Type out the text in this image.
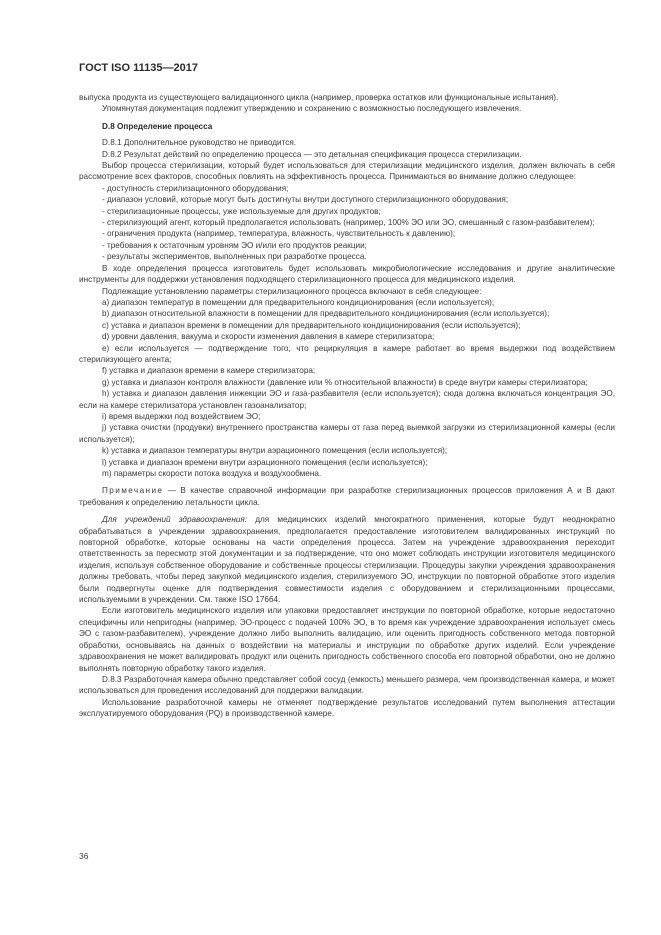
ГОСТ ISO 11135—2017

выпуска продукта из существующего валидационного цикла (например, проверка остатков или функциональные испытания).

Упомянутая документация подлежит утверждению и сохранению с возможностью последующего извлечения.

D.8 Определение процесса

D.8.1 Дополнительное руководство не приводится.

D.8.2 Результат действий по определению процесса — это детальная спецификация процесса стерилизации.

Выбор процесса стерилизации, который будет использоваться для стерилизации медицинского изделия, должен включать в себя рассмотрение всех факторов, способных повлиять на эффективность процесса. Принимаються во внимание должно следующее:

- доступность стерилизационного оборудования;

- диапазон условий, которые могут быть достигнуты внутри доступного стерилизационного оборудования;

- стерилизационные процессы, уже используемые для других продуктов;

- стерилизующий агент, который предполагается использовать (например, 100% ЭО или ЭО, смешанный с газом-разбавителем);

- ограничения продукта (например, температура, влажность, чувствительность к давлению);

- требования к остаточным уровням ЭО и/или его продуктов реакции;

- результаты экспериментов, выполненных при разработке процесса.

В ходе определения процесса изготовитель будет использовать микробиологические исследования и другие аналитические инструменты для поддержки установления подходящего стерилизационного процесса для медицинского изделия.

Подлежащие установлению параметры стерилизационного процесса включают в себя следующее:

а) диапазон температур в помещении для предварительного кондиционирования (если используется);

b) диапазон относительной влажности в помещении для предварительного кондиционирования (если используется);

c) уставка и диапазон времени в помещении для предварительного кондиционирования (если используется);

d) уровни давления, вакуума и скорости изменения давления в камере стерилизатора;

e) если используется — подтверждение того, что рециркуляция в камере работает во время выдержки под воздействием стерилизующего агента;

f) уставка и диапазон времени в камере стерилизатора;

g) уставка и диапазон контроля влажности (давление или % относительной влажности) в среде внутри камеры стерилизатора;

h) уставка и диапазон давления инжекции ЭО и газа-разбавителя (если используется); сюда должна включаться концентрация ЭО, если на камере стерилизатора установлен газоанализатор;

i) время выдержки под воздействием ЭО;

j) уставка очистки (продувки) внутреннего пространства камеры от газа перед выемкой загрузки из стерилизационной камеры (если используется);

k) уставка и диапазон температуры внутри аэрационного помещения (если используется);

l) уставка и диапазон времени внутри аэрационного помещения (если используется);

m) параметры скорости потока воздуха и воздухообмена.

Примечание — В качестве справочной информации при разработке стерилизационных процессов приложения А и В дают требования к определению летальности цикла.

Для учреждений здравоохранения: для медицинских изделий многократного применения, которые будут неоднократно обрабатываться в учреждении здравоохранения, предполагается предоставление изготовителем валидированных инструкций по повторной обработке, которые основаны на части определения процесса. Затем на учреждение здравоохранения переходит ответственность за пересмотр этой документации и за подтверждение, что оно может соблюдать инструкции изготовителя медицинского изделия, используя собственное оборудование и собственные процессы стерилизации. Процедуры закупки учреждения здравоохранения должны требовать, чтобы перед закупкой медицинского изделия, стерилизуемого ЭО, инструкции по повторной обработке этого изделия были подвергнуты оценке для подтверждения совместимости изделия с оборудованием и стерилизационными процессами, используемыми в учреждении. См. также ISO 17664.

Если изготовитель медицинского изделия или упаковки предоставляет инструкции по повторной обработке, которые недостаточно специфичны или непригодны (например, ЭО-процесс с подачей 100% ЭО, в то время как учреждение здравоохранения использует смесь ЭО с газом-разбавителем), учреждение должно либо выполнить валидацию, или оценить пригодность собственного метода повторной обработки, основываясь на данных о воздействии на материалы и инструкции по обработке других изделий. Если учреждение здравоохранения не может валидировать продукт или оценить пригодность собственного способа его повторной обработки, оно не должно выполнять повторную обработку такого изделия.

D.8.3 Разработочная камера обычно представляет собой сосуд (емкость) меньшего размера, чем производственная камера, и может использоваться для проведения исследований для поддержки валидации.

Использование разработочной камеры не отменяет подтверждение результатов исследований путем выполнения аттестации эксплуатируемого оборудования (PQ) в производственной камере.

36
